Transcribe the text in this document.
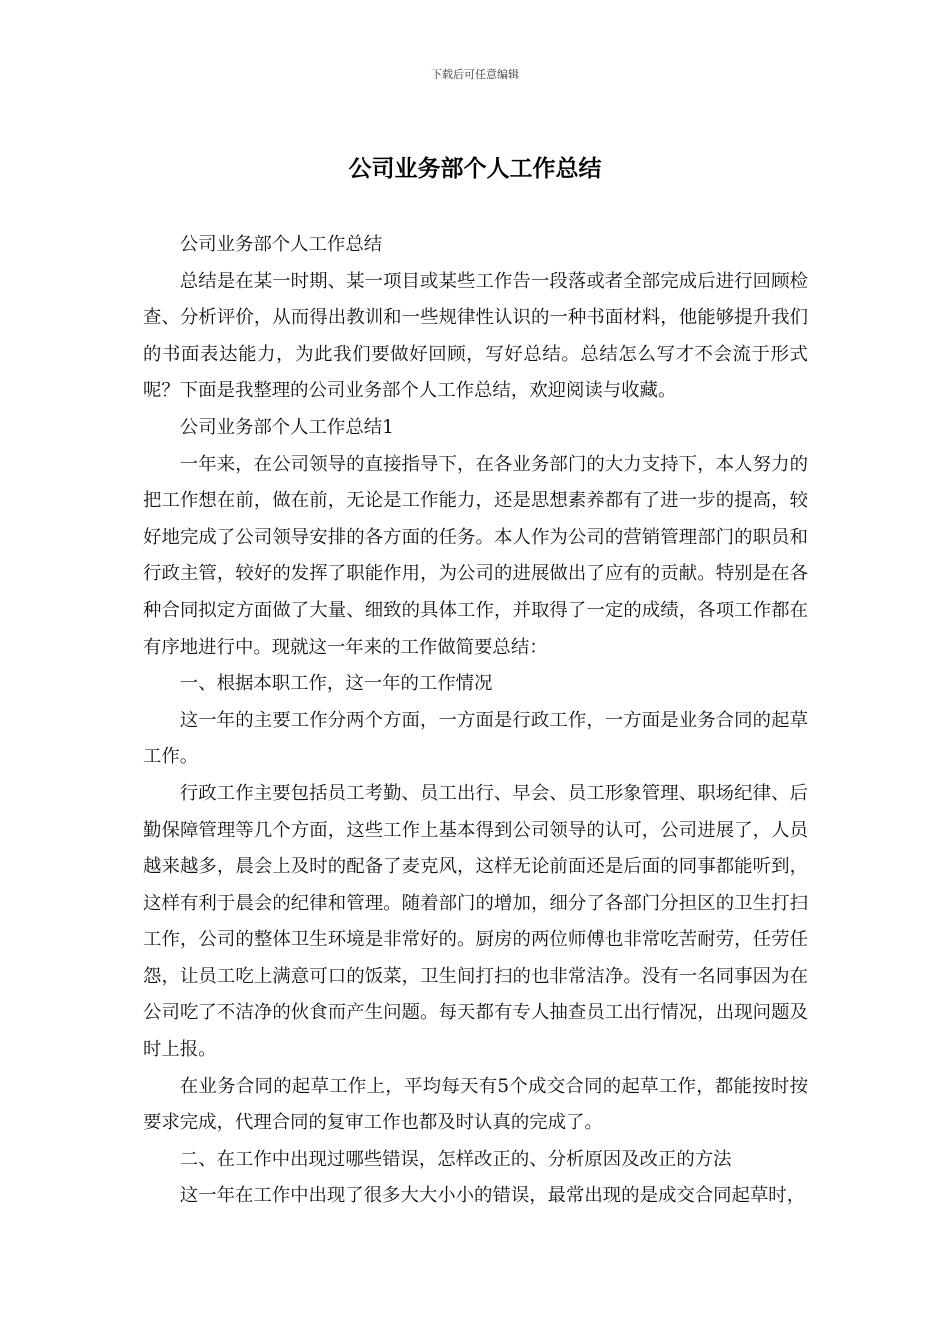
下载后可任意编辑
公司业务部个人工作总结

公司业务部个人工作总结

总结是在某一时期、某一项目或某些工作告一段落或者全部完成后进行回顾检查、分析评价，从而得出教训和一些规律性认识的一种书面材料，他能够提升我们的书面表达能力，为此我们要做好回顾，写好总结。总结怎么写才不会流于形式呢？下面是我整理的公司业务部个人工作总结，欢迎阅读与收藏。

公司业务部个人工作总结1

一年来，在公司领导的直接指导下，在各业务部门的大力支持下，本人努力的把工作想在前，做在前，无论是工作能力，还是思想素养都有了进一步的提高，较好地完成了公司领导安排的各方面的任务。本人作为公司的营销管理部门的职员和行政主管，较好的发挥了职能作用，为公司的进展做出了应有的贡献。特别是在各种合同拟定方面做了大量、细致的具体工作，并取得了一定的成绩，各项工作都在有序地进行中。现就这一年来的工作做简要总结：

一、根据本职工作，这一年的工作情况

这一年的主要工作分两个方面，一方面是行政工作，一方面是业务合同的起草工作。

行政工作主要包括员工考勤、员工出行、早会、员工形象管理、职场纪律、后勤保障管理等几个方面，这些工作上基本得到公司领导的认可，公司进展了，人员越来越多，晨会上及时的配备了麦克风，这样无论前面还是后面的同事都能听到，这样有利于晨会的纪律和管理。随着部门的增加，细分了各部门分担区的卫生打扫工作，公司的整体卫生环境是非常好的。厨房的两位师傅也非常吃苦耐劳，任劳任怨，让员工吃上满意可口的饭菜，卫生间打扫的也非常洁净。没有一名同事因为在公司吃了不洁净的伙食而产生问题。每天都有专人抽查员工出行情况，出现问题及时上报。

在业务合同的起草工作上，平均每天有5个成交合同的起草工作，都能按时按要求完成，代理合同的复审工作也都及时认真的完成了。

二、在工作中出现过哪些错误，怎样改正的、分析原因及改正的方法

这一年在工作中出现了很多大大小小的错误，最常出现的是成交合同起草时，
